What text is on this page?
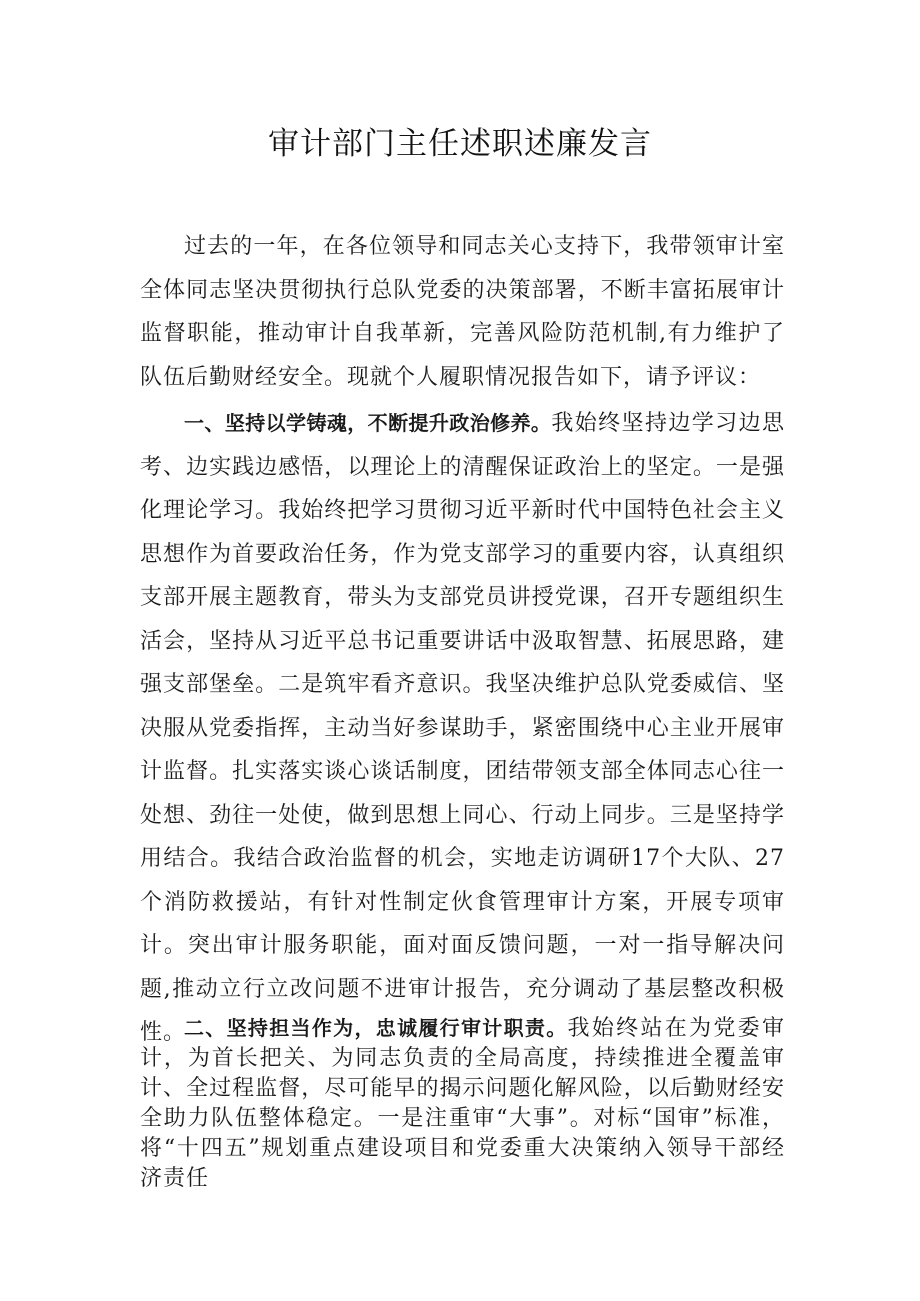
审计部门主任述职述廉发言

过去的一年，在各位领导和同志关心支持下，我带领审计室全体同志坚决贯彻执行总队党委的决策部署，不断丰富拓展审计监督职能，推动审计自我革新，完善风险防范机制,有力维护了队伍后勤财经安全。现就个人履职情况报告如下，请予评议：

一、坚持以学铸魂，不断提升政治修养。我始终坚持边学习边思考、边实践边感悟，以理论上的清醒保证政治上的坚定。一是强化理论学习。我始终把学习贯彻习近平新时代中国特色社会主义思想作为首要政治任务，作为党支部学习的重要内容，认真组织支部开展主题教育，带头为支部党员讲授党课，召开专题组织生活会，坚持从习近平总书记重要讲话中汲取智慧、拓展思路，建强支部堡垒。二是筑牢看齐意识。我坚决维护总队党委威信、坚决服从党委指挥，主动当好参谋助手，紧密围绕中心主业开展审计监督。扎实落实谈心谈话制度，团结带领支部全体同志心往一处想、劲往一处使，做到思想上同心、行动上同步。三是坚持学用结合。我结合政治监督的机会，实地走访调研17个大队、27个消防救援站，有针对性制定伙食管理审计方案，开展专项审计。突出审计服务职能，面对面反馈问题，一对一指导解决问题,推动立行立改问题不进审计报告，充分调动了基层整改积极性。

二、坚持担当作为，忠诚履行审计职责。我始终站在为党委审计，为首长把关、为同志负责的全局高度，持续推进全覆盖审计、全过程监督，尽可能早的揭示问题化解风险，以后勤财经安全助力队伍整体稳定。一是注重审“大事”。对标“国审”标准，将“十四五”规划重点建设项目和党委重大决策纳入领导干部经济责任
